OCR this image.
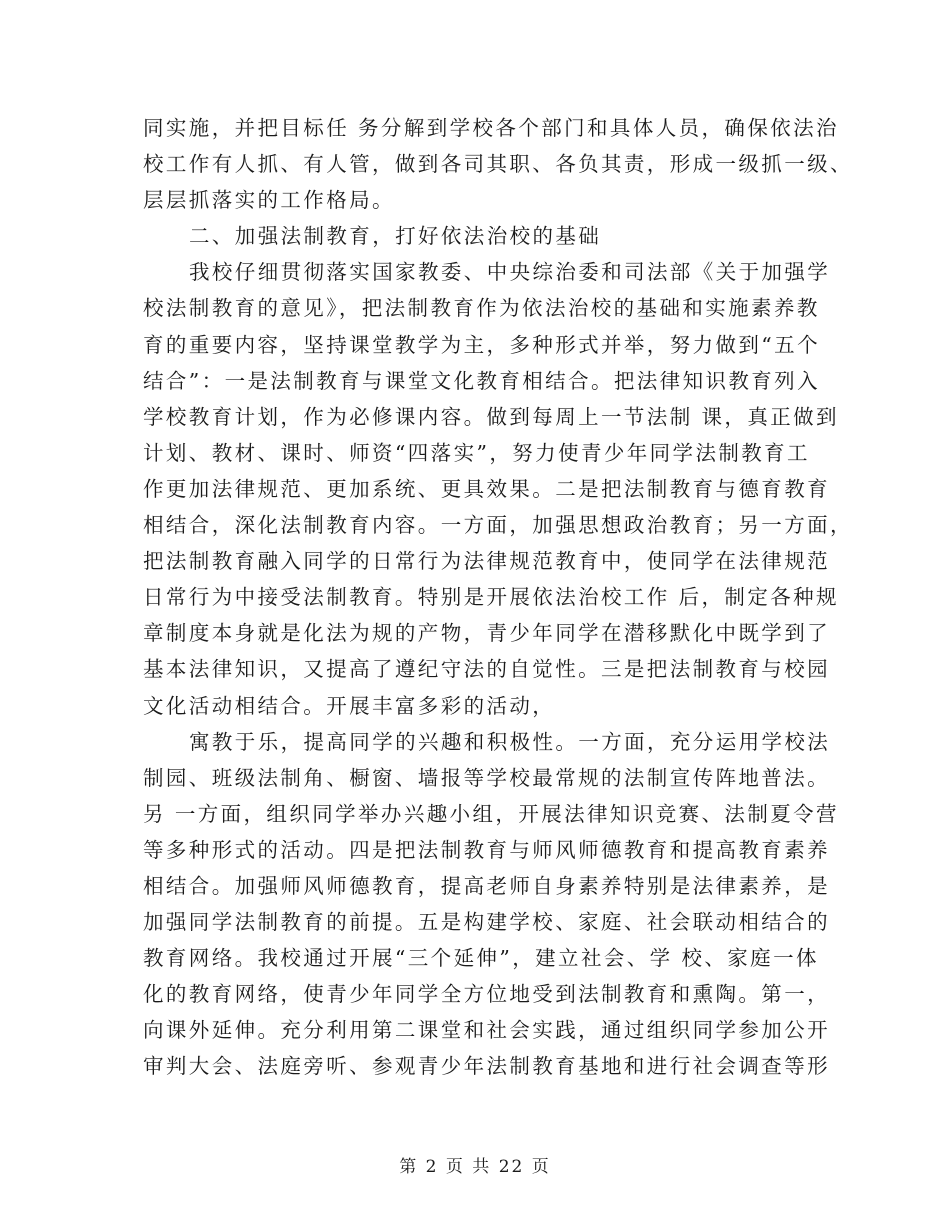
同实施，并把目标任 务分解到学校各个部门和具体人员，确保依法治
校工作有人抓、有人管，做到各司其职、各负其责，形成一级抓一级、
层层抓落实的工作格局。
二、加强法制教育，打好依法治校的基础
我校仔细贯彻落实国家教委、中央综治委和司法部《关于加强学
校法制教育的意见》，把法制教育作为依法治校的基础和实施素养教
育的重要内容，坚持课堂教学为主，多种形式并举，努力做到“五个
结合”：一是法制教育与课堂文化教育相结合。把法律知识教育列入
学校教育计划，作为必修课内容。做到每周上一节法制 课，真正做到
计划、教材、课时、师资“四落实”，努力使青少年同学法制教育工
作更加法律规范、更加系统、更具效果。二是把法制教育与德育教育
相结合，深化法制教育内容。一方面，加强思想政治教育；另一方面，
把法制教育融入同学的日常行为法律规范教育中，使同学在法律规范
日常行为中接受法制教育。特别是开展依法治校工作 后，制定各种规
章制度本身就是化法为规的产物，青少年同学在潜移默化中既学到了
基本法律知识，又提高了遵纪守法的自觉性。三是把法制教育与校园
文化活动相结合。开展丰富多彩的活动，
寓教于乐，提高同学的兴趣和积极性。一方面，充分运用学校法
制园、班级法制角、橱窗、墙报等学校最常规的法制宣传阵地普法。
另 一方面，组织同学举办兴趣小组，开展法律知识竞赛、法制夏令营
等多种形式的活动。四是把法制教育与师风师德教育和提高教育素养
相结合。加强师风师德教育，提高老师自身素养特别是法律素养，是
加强同学法制教育的前提。五是构建学校、家庭、社会联动相结合的
教育网络。我校通过开展“三个延伸”，建立社会、学 校、家庭一体
化的教育网络，使青少年同学全方位地受到法制教育和熏陶。第一，
向课外延伸。充分利用第二课堂和社会实践，通过组织同学参加公开
审判大会、法庭旁听、参观青少年法制教育基地和进行社会调查等形
第 2 页 共 22 页
